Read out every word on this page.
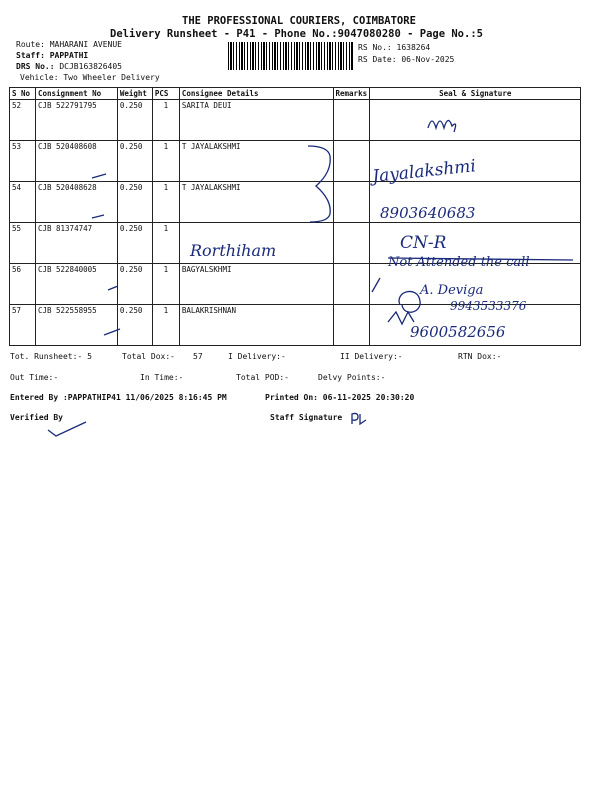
THE PROFESSIONAL COURIERS, COIMBATORE
Delivery Runsheet - P41 - Phone No.:9047080280 - Page No.:5
Route: MAHARANI AVENUE
Staff: PAPPATHI
DRS No.: DCJB163826405
Vehicle: Two Wheeler Delivery
RS No.: 1638264
RS Date: 06-Nov-2025
S No	Consignment No	Weight	PCS	Consignee Details	Remarks	Seal & Signature
52	CJB 522791795	0.250	1	SARITA DEUI		
53	CJB 520408608	0.250	1	T JAYALAKSHMI		
54	CJB 520408628	0.250	1	T JAYALAKSHMI		
55	CJB 81374747	0.250	1			
56	CJB 522840005	0.250	1	BAGYALSKHMI		
57	CJB 522558955	0.250	1	BALAKRISHNAN		
Tot. Runsheet:- 5	Total Dox:- 57	I Delivery:-	II Delivery:-	RTN Dox:-
Out Time:-	In Time:-	Total POD:-	Delvy Points:-
Entered By :PAPPATHIP41 11/06/2025 8:16:45 PM	Printed On: 06-11-2025 20:30:20
Verified By	Staff Signature
Rorthiham
Jayalakshmi
8903640683
CN-R
Not Attended the call
A. Deviga
9943533376
9600582656
